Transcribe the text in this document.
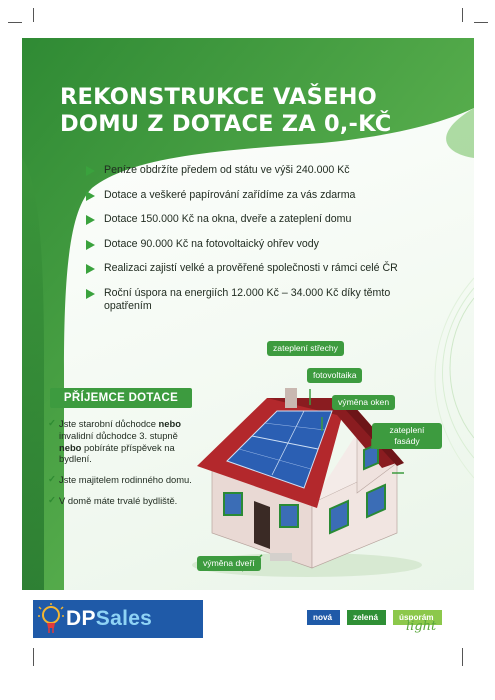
REKONSTRUKCE VAŠEHO
DOMU Z DOTACE ZA 0,-KČ
Peníze obdržíte předem od státu ve výši 240.000 Kč
Dotace a veškeré papírování zařídíme za vás zdarma
Dotace 150.000 Kč na okna, dveře a zateplení domu
Dotace 90.000 Kč na fotovoltaický ohřev vody
Realizaci zajistí velké a prověřené společnosti v rámci celé ČR
Roční úspora na energiích 12.000 Kč – 34.000 Kč díky těmto opatřením
PŘÍJEMCE DOTACE
✓ Jste starobní důchodce nebo invalidní důchodce 3. stupně nebo pobíráte příspěvek na bydlení.
✓ Jste majitelem rodinného domu.
✓ V domě máte trvalé bydliště.
zateplení střechy
fotovoltaika
výměna oken
zateplení fasády
výměna dveří
DPSales	nová	zelená	úsporám
light
